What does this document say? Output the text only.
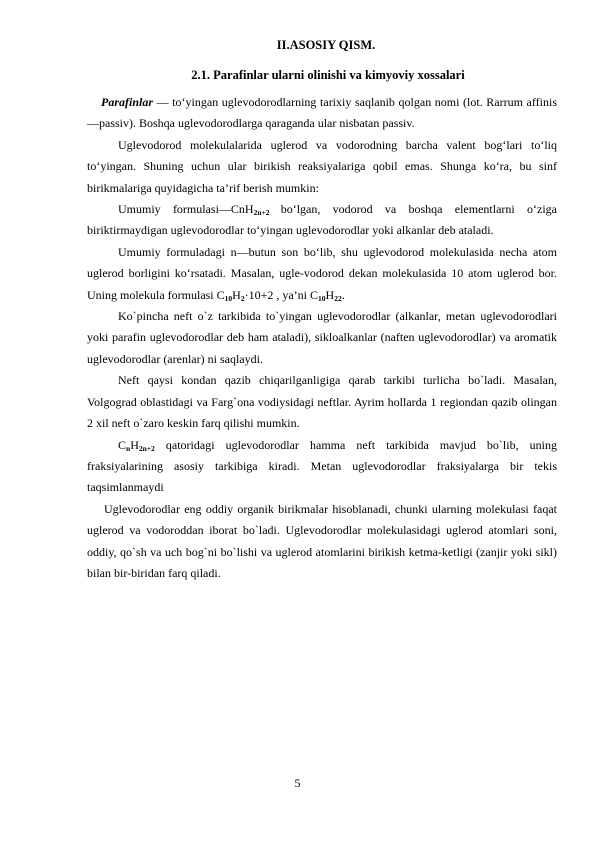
II.ASOSIY QISM.
2.1. Parafinlar ularni olinishi va kimyoviy xossalari

Parafinlar — to‘yingan uglevodorodlarning tarixiy saqlanib qolgan nomi (lot. Rarrum affinis—passiv). Boshqa uglevodorodlarga qaraganda ular nisbatan passiv.

Uglevodorod molekulalarida uglerod va vodorodning barcha valent bog‘lari to‘liq to‘yingan. Shuning uchun ular birikish reaksiyalariga qobil emas. Shunga ko‘ra, bu sinf birikmalariga quyidagicha ta’rif berish mumkin:

Umumiy formulasi—CnH$_{2n+2}$ bo‘lgan, vodorod va boshqa elementlarni o‘ziga biriktirmaydigan uglevodorodlar to‘yingan uglevodorodlar yoki alkanlar deb ataladi.

Umumiy formuladagi n—butun son bo‘lib, shu uglevodorod molekulasida necha atom uglerod borligini ko‘rsatadi. Masalan, ugle-vodorod dekan molekulasida 10 atom uglerod bor. Uning molekula formulasi $C_{10}H_2\cdot 10+2$ , ya’ni $C_{10}H_{22}$.

Ko`pincha neft o`z tarkibida to`yingan uglevodorodlar (alkanlar, metan uglevodorodlari yoki parafin uglevodorodlar deb ham ataladi), sikloalkanlar (naften uglevodorodlar) va aromatik uglevodorodlar (arenlar) ni saqlaydi.

Neft qaysi kondan qazib chiqarilganligiga qarab tarkibi turlicha bo`ladi. Masalan, Volgograd oblastidagi va Farg`ona vodiysidagi neftlar. Ayrim hollarda 1 regiondan qazib olingan 2 xil neft o`zaro keskin farq qilishi mumkin.

$C_nH_{2n+2}$ qatoridagi uglevodorodlar hamma neft tarkibida mavjud bo`lib, uning fraksiyalarining asosiy tarkibiga kiradi. Metan uglevodorodlar fraksiyalarga bir tekis taqsimlanmaydi

Uglevodorodlar eng oddiy organik birikmalar hisoblanadi, chunki ularning molekulasi faqat uglerod va vodoroddan iborat bo`ladi. Uglevodorodlar molekulasidagi uglerod atomlari soni, oddiy, qo`sh va uch bog`ni bo`lishi va uglerod atomlarini birikish ketma-ketligi (zanjir yoki sikl) bilan bir-biridan farq qiladi.

5
